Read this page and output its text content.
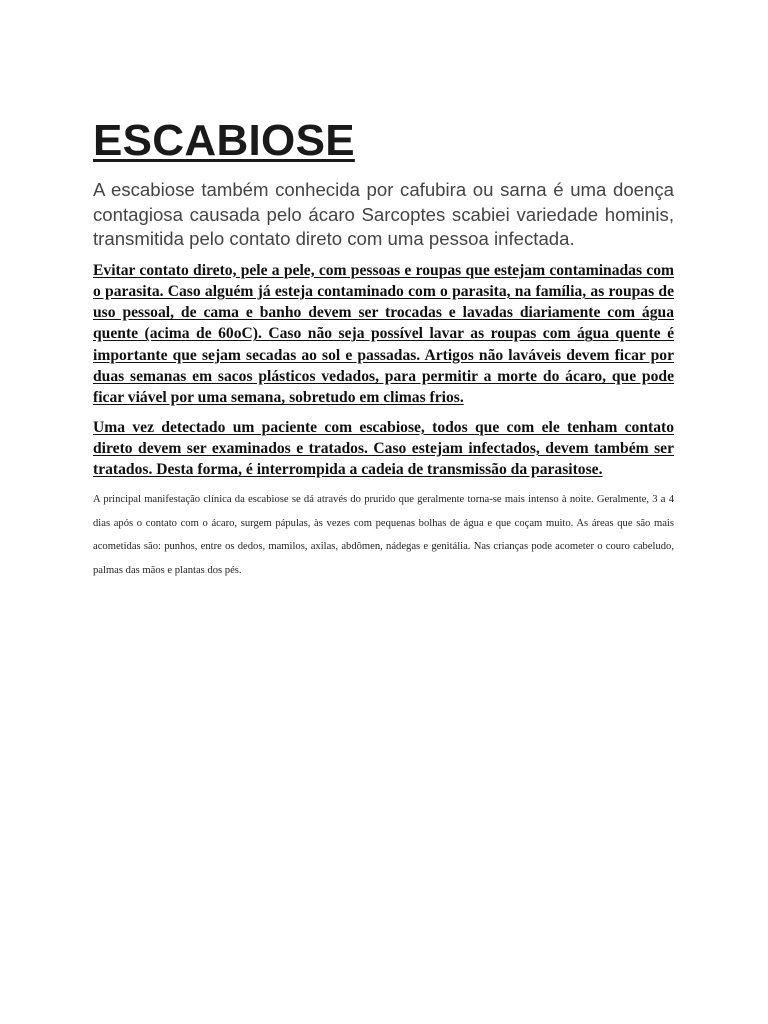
ESCABIOSE

A escabiose também conhecida por cafubira ou sarna é uma doença contagiosa causada pelo ácaro Sarcoptes scabiei variedade hominis, transmitida pelo contato direto com uma pessoa infectada.

Evitar contato direto, pele a pele, com pessoas e roupas que estejam contaminadas com o parasita. Caso alguém já esteja contaminado com o parasita, na família, as roupas de uso pessoal, de cama e banho devem ser trocadas e lavadas diariamente com água quente (acima de 60oC). Caso não seja possível lavar as roupas com água quente é importante que sejam secadas ao sol e passadas. Artigos não laváveis devem ficar por duas semanas em sacos plásticos vedados, para permitir a morte do ácaro, que pode ficar viável por uma semana, sobretudo em climas frios.

Uma vez detectado um paciente com escabiose, todos que com ele tenham contato direto devem ser examinados e tratados. Caso estejam infectados, devem também ser tratados. Desta forma, é interrompida a cadeia de transmissão da parasitose.

A principal manifestação clínica da escabiose se dá através do prurido que geralmente torna-se mais intenso à noite. Geralmente, 3 a 4 dias após o contato com o ácaro, surgem pápulas, às vezes com pequenas bolhas de água e que coçam muito. As áreas que são mais acometidas são: punhos, entre os dedos, mamilos, axilas, abdômen, nádegas e genitália. Nas crianças pode acometer o couro cabeludo, palmas das mãos e plantas dos pés.
